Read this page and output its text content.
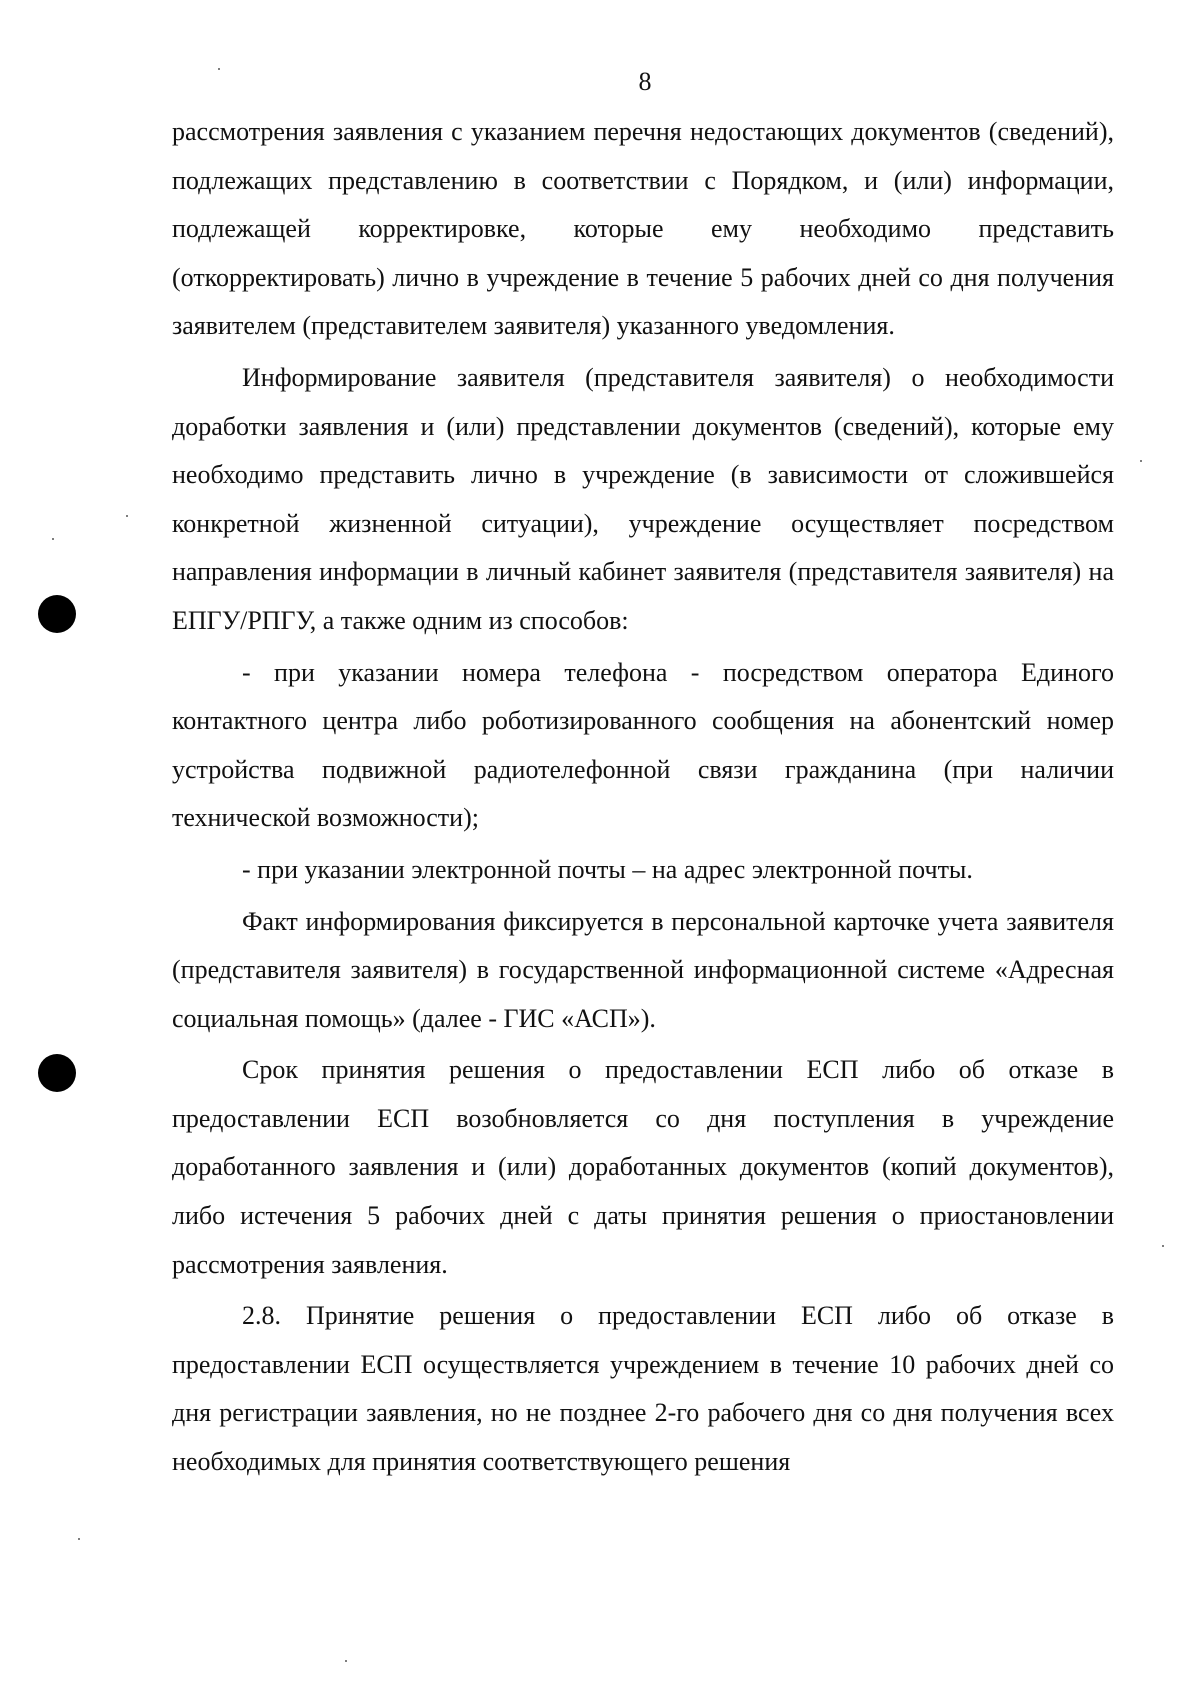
8

рассмотрения заявления с указанием перечня недостающих документов (сведений), подлежащих представлению в соответствии с Порядком, и (или) информации, подлежащей корректировке, которые ему необходимо представить (откорректировать) лично в учреждение в течение 5 рабочих дней со дня получения заявителем (представителем заявителя) указанного уведомления.

Информирование заявителя (представителя заявителя) о необходимости доработки заявления и (или) представлении документов (сведений), которые ему необходимо представить лично в учреждение (в зависимости от сложившейся конкретной жизненной ситуации), учреждение осуществляет посредством направления информации в личный кабинет заявителя (представителя заявителя) на ЕПГУ/РПГУ, а также одним из способов:

- при указании номера телефона - посредством оператора Единого контактного центра либо роботизированного сообщения на абонентский номер устройства подвижной радиотелефонной связи гражданина (при наличии технической возможности);

- при указании электронной почты – на адрес электронной почты.

Факт информирования фиксируется в персональной карточке учета заявителя (представителя заявителя) в государственной информационной системе «Адресная социальная помощь» (далее - ГИС «АСП»).

Срок принятия решения о предоставлении ЕСП либо об отказе в предоставлении ЕСП возобновляется со дня поступления в учреждение доработанного заявления и (или) доработанных документов (копий документов), либо истечения 5 рабочих дней с даты принятия решения о приостановлении рассмотрения заявления.

2.8. Принятие решения о предоставлении ЕСП либо об отказе в предоставлении ЕСП осуществляется учреждением в течение 10 рабочих дней со дня регистрации заявления, но не позднее 2-го рабочего дня со дня получения всех необходимых для принятия соответствующего решения
